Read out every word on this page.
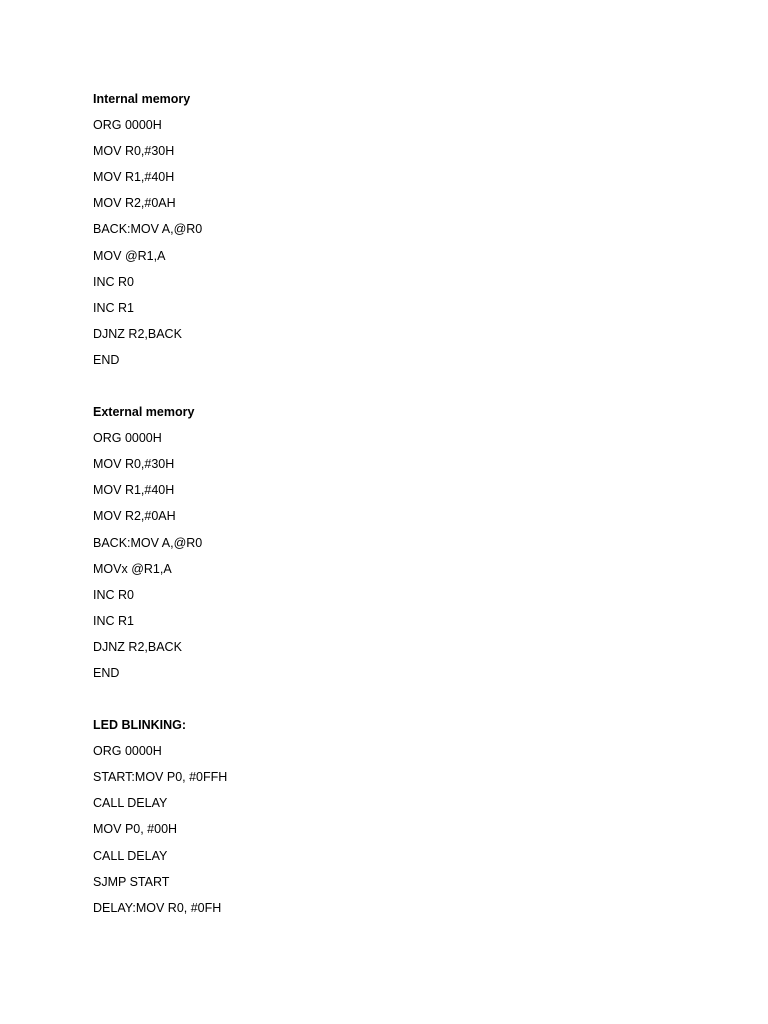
Internal memory
ORG 0000H
MOV R0,#30H
MOV R1,#40H
MOV R2,#0AH
BACK:MOV A,@R0
MOV @R1,A
INC R0
INC R1
DJNZ R2,BACK
END
External memory
ORG 0000H
MOV R0,#30H
MOV R1,#40H
MOV R2,#0AH
BACK:MOV A,@R0
MOVx @R1,A
INC R0
INC R1
DJNZ R2,BACK
END
LED BLINKING:
ORG 0000H
START:MOV P0, #0FFH
CALL DELAY
MOV P0, #00H
CALL DELAY
SJMP START
DELAY:MOV R0, #0FH
